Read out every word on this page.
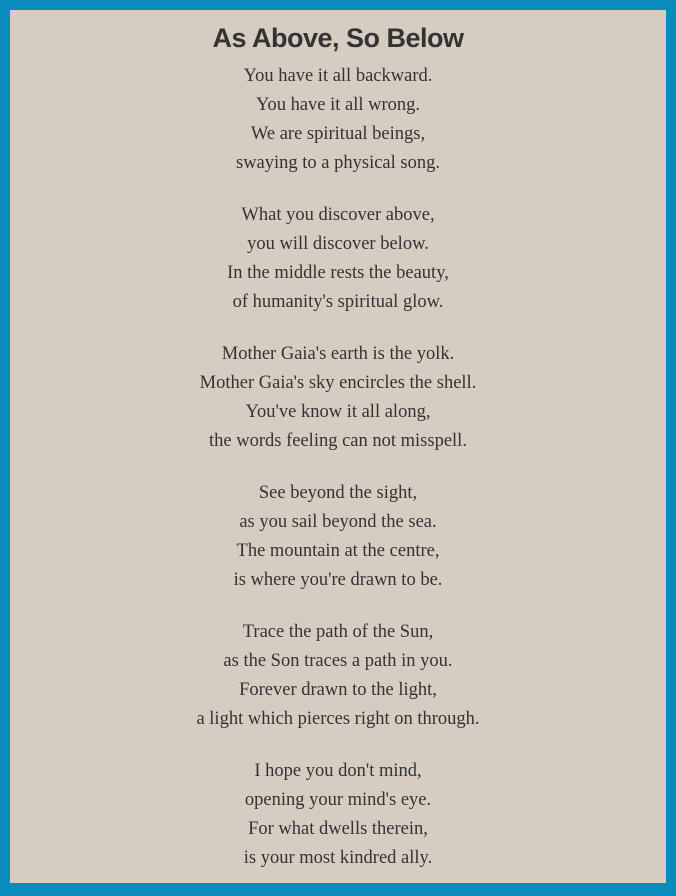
As Above, So Below
You have it all backward.
You have it all wrong.
We are spiritual beings,
swaying to a physical song.
What you discover above,
you will discover below.
In the middle rests the beauty,
of humanity's spiritual glow.
Mother Gaia's earth is the yolk.
Mother Gaia's sky encircles the shell.
You've know it all along,
the words feeling can not misspell.
See beyond the sight,
as you sail beyond the sea.
The mountain at the centre,
is where you're drawn to be.
Trace the path of the Sun,
as the Son traces a path in you.
Forever drawn to the light,
a light which pierces right on through.
I hope you don't mind,
opening your mind's eye.
For what dwells therein,
is your most kindred ally.
